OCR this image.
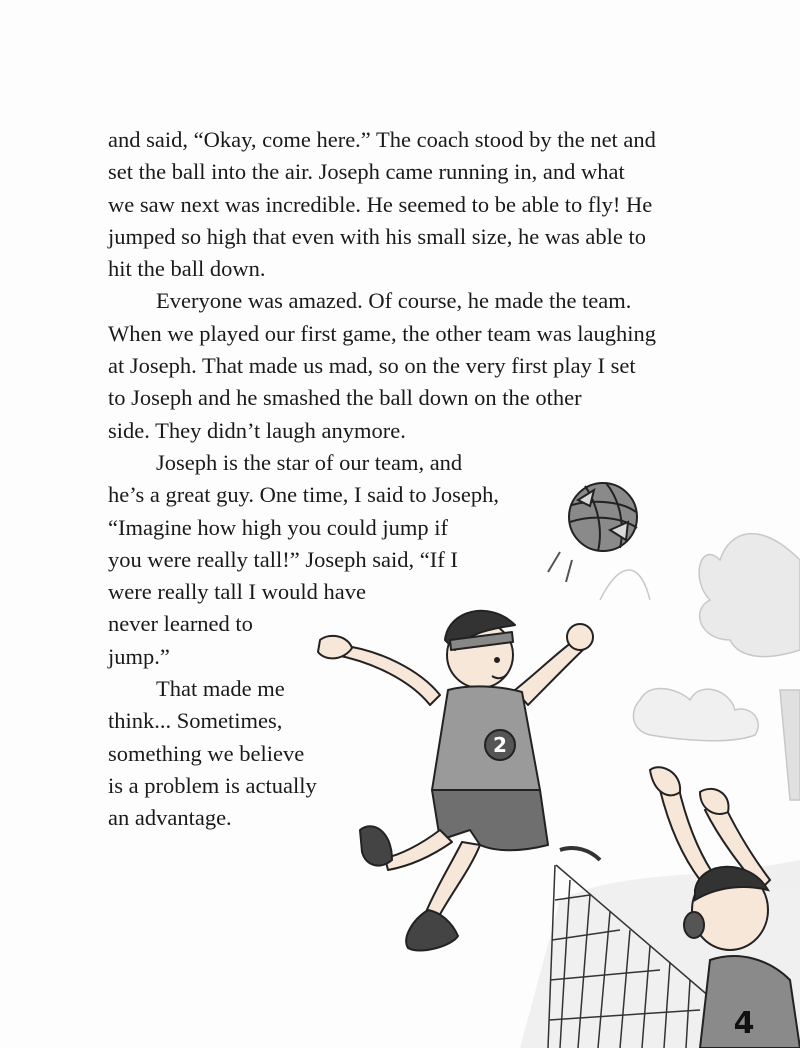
2
and said, “Okay, come here.” The coach stood by the net and
set the ball into the air. Joseph came running in, and what
we saw next was incredible. He seemed to be able to fly! He
jumped so high that even with his small size, he was able to
hit the ball down.
Everyone was amazed. Of course, he made the team.
When we played our first game, the other team was laughing
at Joseph. That made us mad, so on the very first play I set
to Joseph and he smashed the ball down on the other
side. They didn’t laugh anymore.
Joseph is the star of our team, and
he’s a great guy. One time, I said to Joseph,
“Imagine how high you could jump if
you were really tall!” Joseph said, “If I
were really tall I would have
never learned to
jump.”
That made me
think... Sometimes,
something we believe
is a problem is actually
an advantage.
4
